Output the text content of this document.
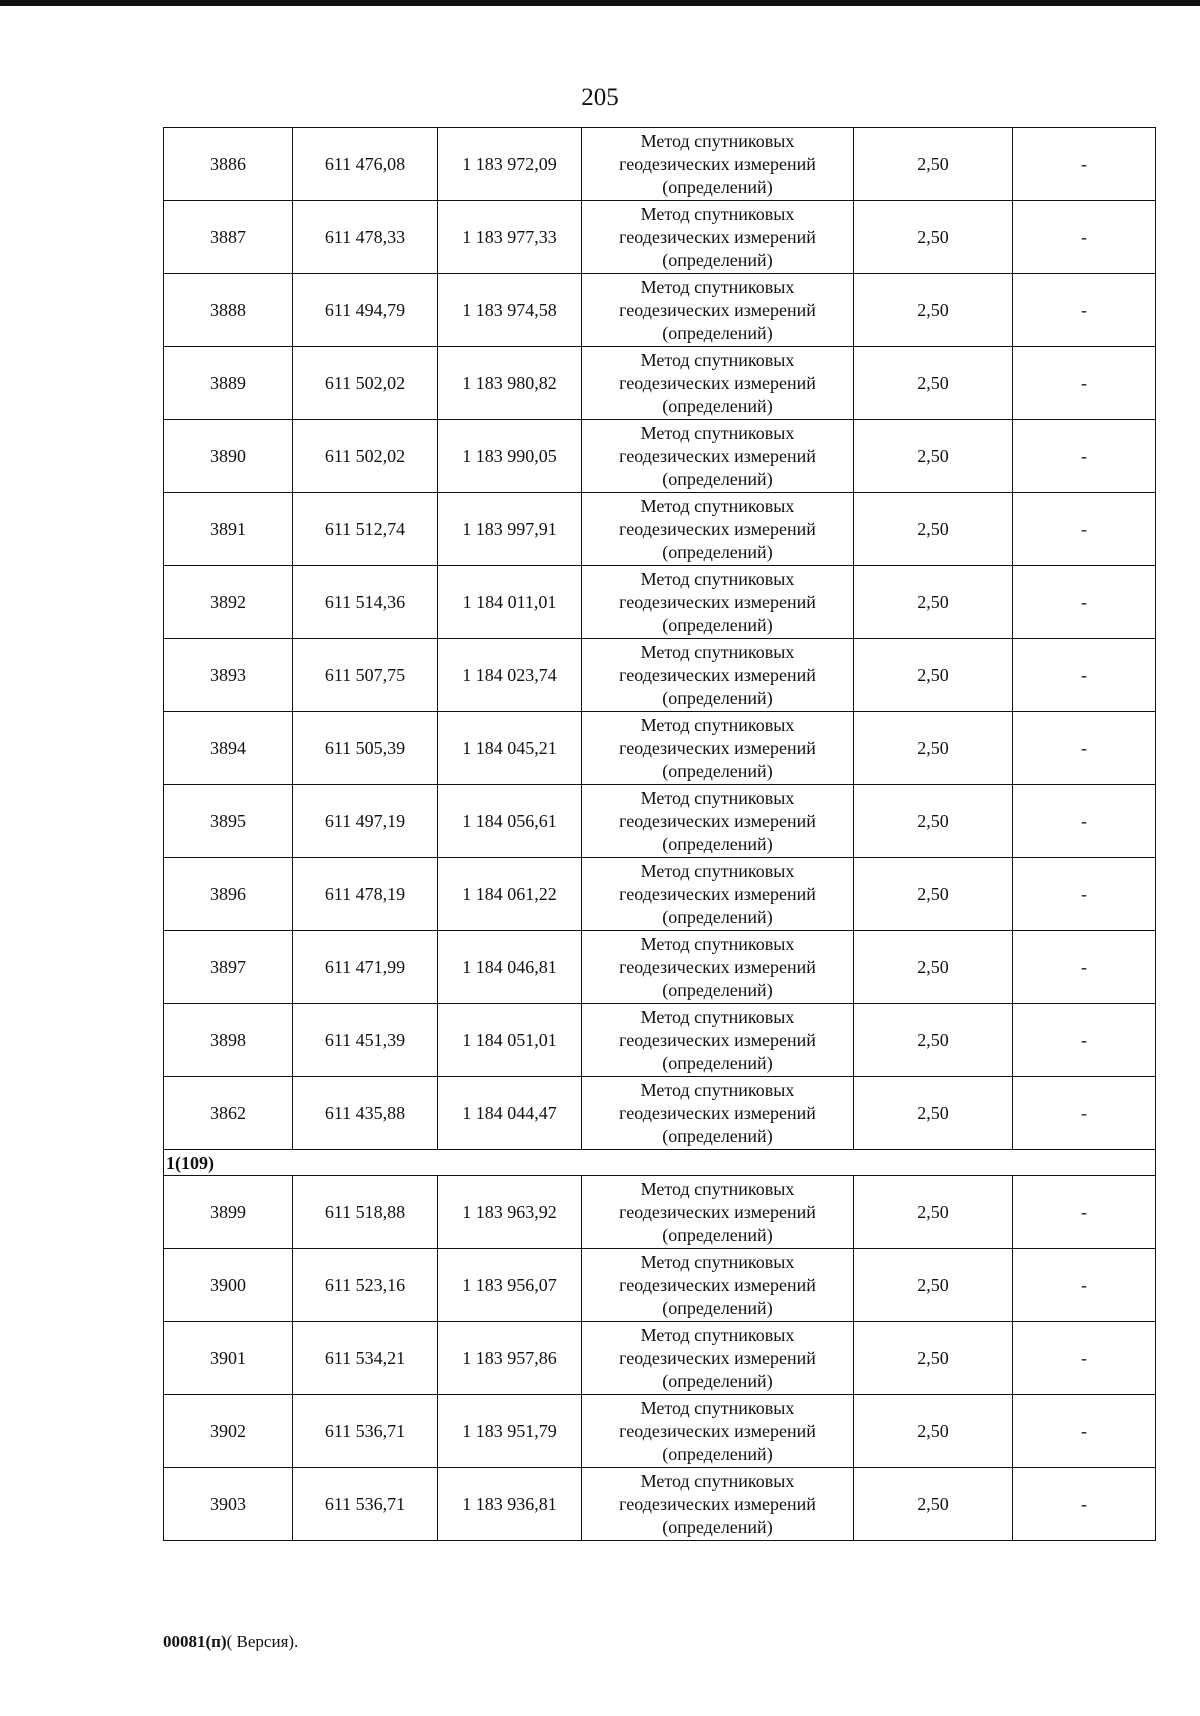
205
3886	611 476,08	1 183 972,09	Метод спутниковых
геодезических измерений
(определений)	2,50	-
3887	611 478,33	1 183 977,33	Метод спутниковых
геодезических измерений
(определений)	2,50	-
3888	611 494,79	1 183 974,58	Метод спутниковых
геодезических измерений
(определений)	2,50	-
3889	611 502,02	1 183 980,82	Метод спутниковых
геодезических измерений
(определений)	2,50	-
3890	611 502,02	1 183 990,05	Метод спутниковых
геодезических измерений
(определений)	2,50	-
3891	611 512,74	1 183 997,91	Метод спутниковых
геодезических измерений
(определений)	2,50	-
3892	611 514,36	1 184 011,01	Метод спутниковых
геодезических измерений
(определений)	2,50	-
3893	611 507,75	1 184 023,74	Метод спутниковых
геодезических измерений
(определений)	2,50	-
3894	611 505,39	1 184 045,21	Метод спутниковых
геодезических измерений
(определений)	2,50	-
3895	611 497,19	1 184 056,61	Метод спутниковых
геодезических измерений
(определений)	2,50	-
3896	611 478,19	1 184 061,22	Метод спутниковых
геодезических измерений
(определений)	2,50	-
3897	611 471,99	1 184 046,81	Метод спутниковых
геодезических измерений
(определений)	2,50	-
3898	611 451,39	1 184 051,01	Метод спутниковых
геодезических измерений
(определений)	2,50	-
3862	611 435,88	1 184 044,47	Метод спутниковых
геодезических измерений
(определений)	2,50	-
1(109)					
3899	611 518,88	1 183 963,92	Метод спутниковых
геодезических измерений
(определений)	2,50	-
3900	611 523,16	1 183 956,07	Метод спутниковых
геодезических измерений
(определений)	2,50	-
3901	611 534,21	1 183 957,86	Метод спутниковых
геодезических измерений
(определений)	2,50	-
3902	611 536,71	1 183 951,79	Метод спутниковых
геодезических измерений
(определений)	2,50	-
3903	611 536,71	1 183 936,81	Метод спутниковых
геодезических измерений
(определений)	2,50	-
00081(п)( Версия).
